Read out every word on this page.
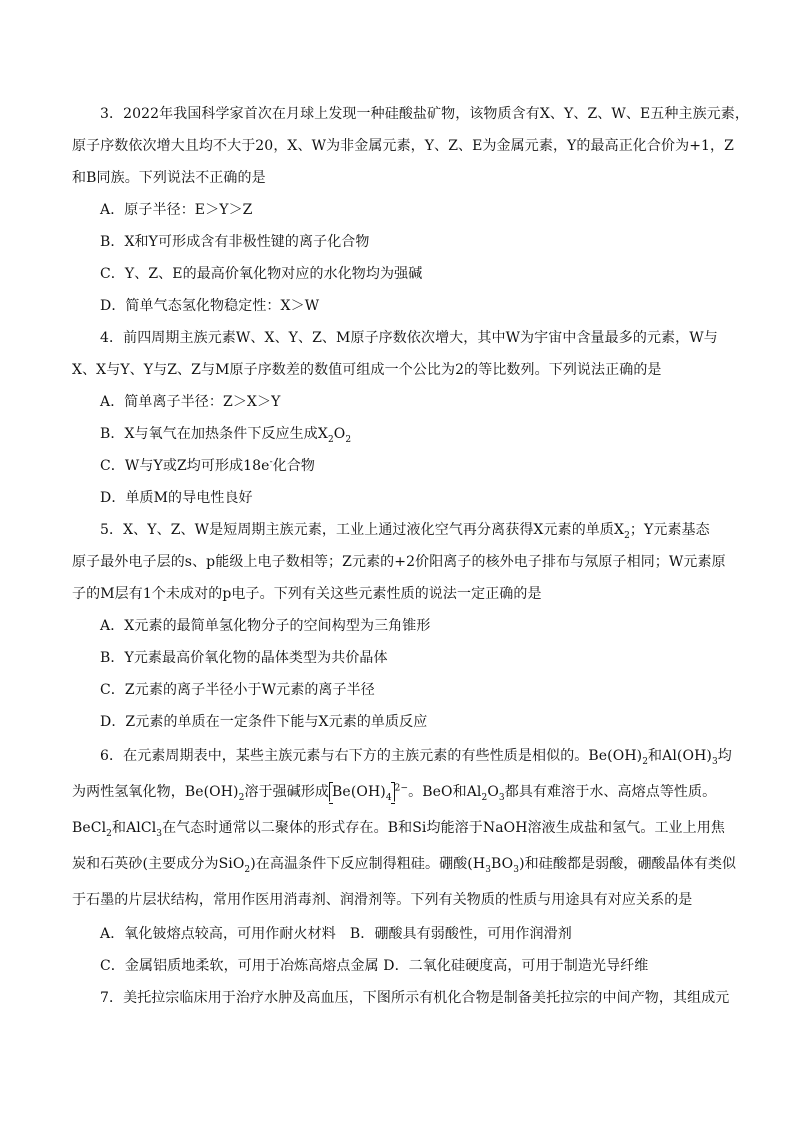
3．2022年我国科学家首次在月球上发现一种硅酸盐矿物，该物质含有X、Y、Z、W、E五种主族元素，
原子序数依次增大且均不大于20，X、W为非金属元素，Y、Z、E为金属元素，Y的最高正化合价为+1，Z
和B同族。下列说法不正确的是
A．原子半径：E＞Y＞Z
B．X和Y可形成含有非极性键的离子化合物
C．Y、Z、E的最高价氧化物对应的水化物均为强碱
D．简单气态氢化物稳定性：X＞W
4．前四周期主族元素W、X、Y、Z、M原子序数依次增大，其中W为宇宙中含量最多的元素，W与
X、X与Y、Y与Z、Z与M原子序数差的数值可组成一个公比为2的等比数列。下列说法正确的是
A．简单离子半径：Z＞X＞Y
B．X与氧气在加热条件下反应生成$X_2O_2$
C．W与Y或Z均可形成18e-化合物
D．单质M的导电性良好
5．X、Y、Z、W是短周期主族元素，工业上通过液化空气再分离获得X元素的单质$X_2$；Y元素基态
原子最外电子层的s、p能级上电子数相等；Z元素的+2价阳离子的核外电子排布与氖原子相同；W元素原
子的M层有1个未成对的p电子。下列有关这些元素性质的说法一定正确的是
A．X元素的最简单氢化物分子的空间构型为三角锥形
B．Y元素最高价氧化物的晶体类型为共价晶体
C．Z元素的离子半径小于W元素的离子半径
D．Z元素的单质在一定条件下能与X元素的单质反应
6．在元素周期表中，某些主族元素与右下方的主族元素的有些性质是相似的。$Be(OH)_2$和$Al(OH)_3$均
为两性氢氧化物，$Be(OH)_2$溶于强碱形成 $Be(OH)_4^{2-}$。BeO和$Al_2O_3$都具有难溶于水、高熔点等性质。
BeCl$_2$和AlCl$_3$在气态时通常以二聚体的形式存在。B和Si均能溶于NaOH溶液生成盐和氢气。工业上用焦
炭和石英砂(主要成分为SiO$_2$)在高温条件下反应制得粗硅。硼酸$(H_3BO_3)$和硅酸都是弱酸，硼酸晶体有类似
于石墨的片层状结构，常用作医用消毒剂、润滑剂等。下列有关物质的性质与用途具有对应关系的是
A．氧化铍熔点较高，可用作耐火材料　B．硼酸具有弱酸性，可用作润滑剂
C．金属铝质地柔软，可用于冶炼高熔点金属 D．二氧化硅硬度高，可用于制造光导纤维
7．美托拉宗临床用于治疗水肿及高血压，下图所示有机化合物是制备美托拉宗的中间产物，其组成元
